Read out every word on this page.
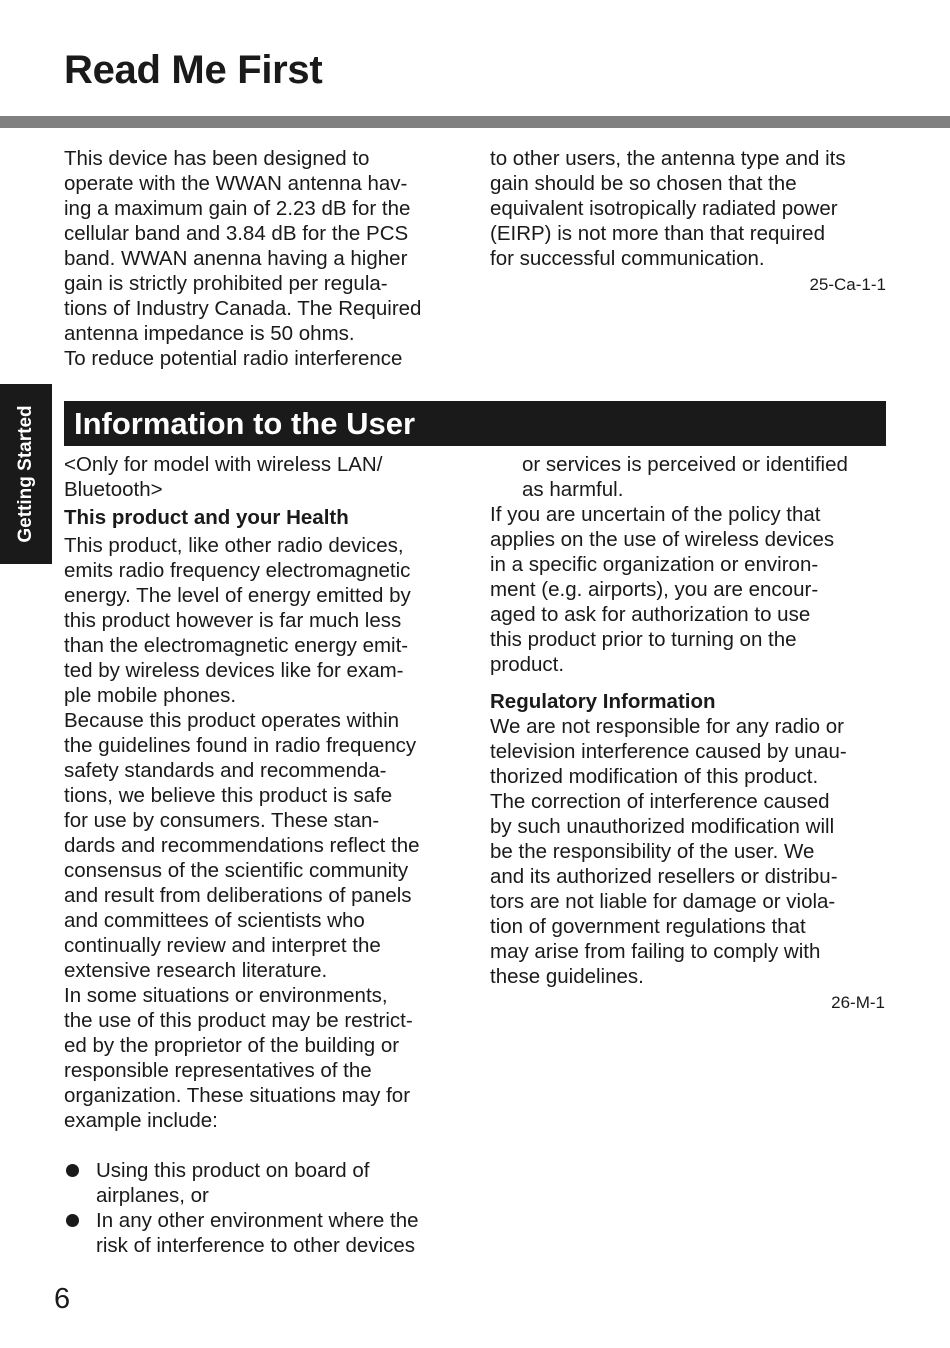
Read Me First
Getting Started
This device has been designed to
operate with the WWAN antenna hav-
ing a maximum gain of 2.23 dB for the
cellular band and 3.84 dB for the PCS
band. WWAN anenna having a higher
gain is strictly prohibited per regula-
tions of Industry Canada. The Required
antenna impedance is 50 ohms.
To reduce potential radio interference
to other users, the antenna type and its
gain should be so chosen that the
equivalent isotropically radiated power
(EIRP) is not more than that required
for successful communication.
25-Ca-1-1
Information to the User
<Only for model with wireless LAN/
Bluetooth>
This product and your Health
This product, like other radio devices,
emits radio frequency electromagnetic
energy. The level of energy emitted by
this product however is far much less
than the electromagnetic energy emit-
ted by wireless devices like for exam-
ple mobile phones.
Because this product operates within
the guidelines found in radio frequency
safety standards and recommenda-
tions, we believe this product is safe
for use by consumers. These stan-
dards and recommendations reflect the
consensus of the scientific community
and result from deliberations of panels
and committees of scientists who
continually review and interpret the
extensive research literature.
In some situations or environments,
the use of this product may be restrict-
ed by the proprietor of the building or
responsible representatives of the
organization. These situations may for
example include:
Using this product on board of
airplanes, or
In any other environment where the
risk of interference to other devices
or services is perceived or identified
as harmful.
If you are uncertain of the policy that
applies on the use of wireless devices
in a specific organization or environ-
ment (e.g. airports), you are encour-
aged to ask for authorization to use
this product prior to turning on the
product.
Regulatory Information
We are not responsible for any radio or
television interference caused by unau-
thorized modification of this product.
The correction of interference caused
by such unauthorized modification will
be the responsibility of the user. We
and its authorized resellers or distribu-
tors are not liable for damage or viola-
tion of government regulations that
may arise from failing to comply with
these guidelines.
26-M-1
6
